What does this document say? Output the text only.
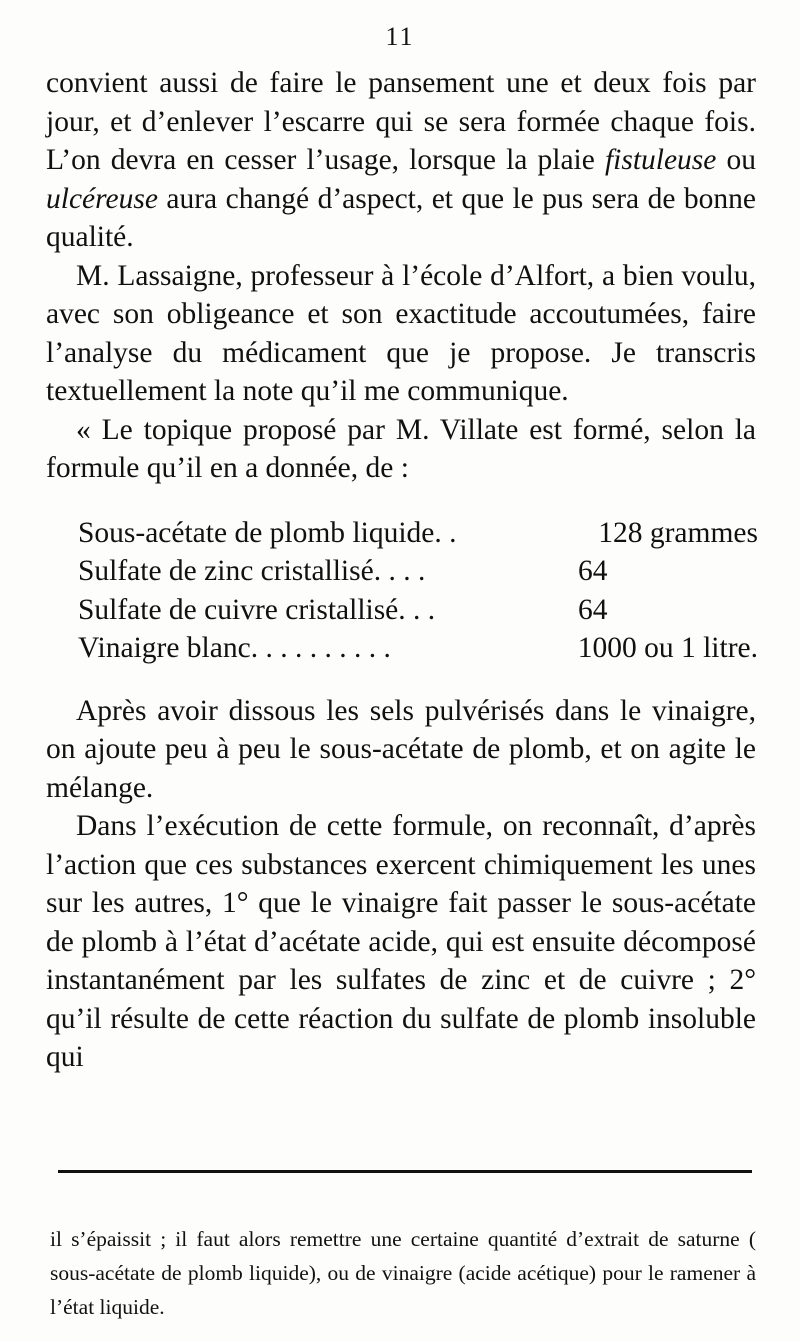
11

convient aussi de faire le pansement une et deux fois par jour, et d’enlever l’escarre qui se sera formée chaque fois. L’on devra en cesser l’usage, lorsque la plaie fistuleuse ou ulcéreuse aura changé d’aspect, et que le pus sera de bonne qualité.

M. Lassaigne, professeur à l’école d’Alfort, a bien voulu, avec son obligeance et son exactitude accoutumées, faire l’analyse du médicament que je propose. Je transcris textuellement la note qu’il me communique.

« Le topique proposé par M. Villate est formé, selon la formule qu’il en a donnée, de :

Sous-acétate de plomb liquide. .	128 grammes
Sulfate de zinc cristallisé. . . .	64
Sulfate de cuivre cristallisé. . .	64
Vinaigre blanc. . . . . . . . . .	1000 ou 1 litre.

Après avoir dissous les sels pulvérisés dans le vinaigre, on ajoute peu à peu le sous-acétate de plomb, et on agite le mélange.

Dans l’exécution de cette formule, on reconnaît, d’après l’action que ces substances exercent chimiquement les unes sur les autres, 1° que le vinaigre fait passer le sous-acétate de plomb à l’état d’acétate acide, qui est ensuite décomposé instantanément par les sulfates de zinc et de cuivre ; 2° qu’il résulte de cette réaction du sulfate de plomb insoluble qui

il s’épaissit ; il faut alors remettre une certaine quantité d’extrait de saturne ( sous-acétate de plomb liquide), ou de vinaigre (acide acétique) pour le ramener à l’état liquide.
